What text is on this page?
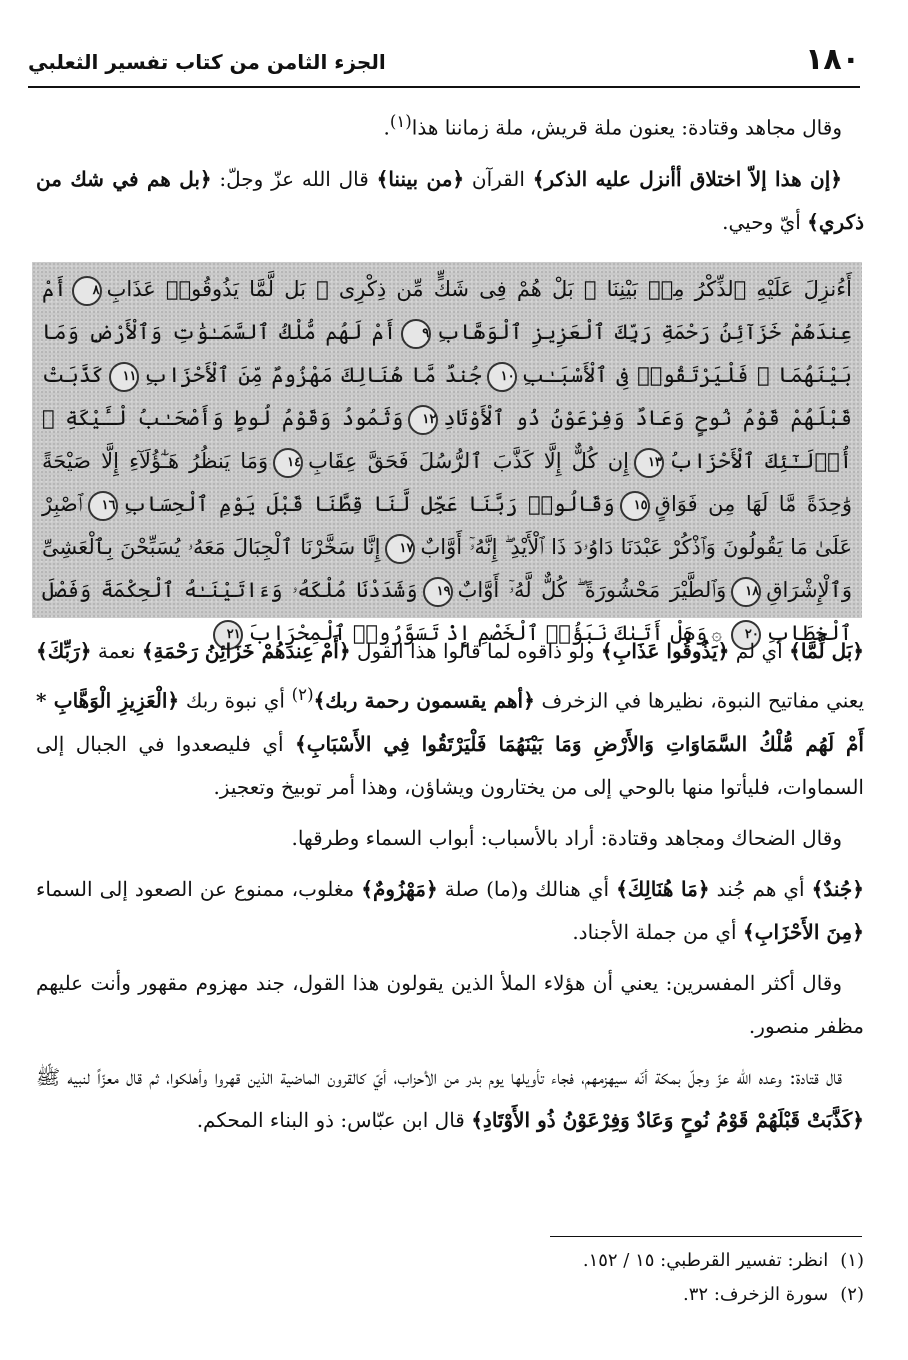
الجزء الثامن من كتاب تفسير الثعلبي	١٨٠

وقال مجاهد وقتادة: يعنون ملة قريش، ملة زماننا هذا$^{(١)}$.

﴿إن هذا إلاّ اختلاق أأنزل عليه الذكر﴾ القرآن ﴿من بيننا﴾ قال الله عزّ وجلّ: ﴿بل هم في شك من ذكري﴾ أيّ وحيي.

أَءُنزِلَ عَلَيْهِ ٱلذِّكْرُ مِنۢ بَيْنِنَا ۚ بَلْ هُمْ فِى شَكٍّ مِّن ذِكْرِى ۖ بَل لَّمَّا يَذُوقُوا۟ عَذَابِ٨أَمْ عِندَهُمْ خَزَآئِنُ رَحْمَةِ رَبِّكَ ٱلْعَزِيزِ ٱلْوَهَّابِ٩أَمْ لَهُم مُّلْكُ ٱلسَّمَـٰوَٰتِ وَٱلْأَرْضِ وَمَا بَيْنَهُمَا ۖ فَلْيَرْتَقُوا۟ فِى ٱلْأَسْبَـٰبِ١٠جُندٌ مَّا هُنَالِكَ مَهْزُومٌ مِّنَ ٱلْأَحْزَابِ١١كَذَّبَتْ قَبْلَهُمْ قَوْمُ نُوحٍ وَعَادٌ وَفِرْعَوْنُ ذُو ٱلْأَوْتَادِ١٢وَثَمُودُ وَقَوْمُ لُوطٍ وَأَصْحَـٰبُ لْـَٔيْكَةِ ۚ أُو۟لَـٰٓئِكَ ٱلْأَحْزَابُ١٣إِن كُلٌّ إِلَّا كَذَّبَ ٱلرُّسُلَ فَحَقَّ عِقَابِ١٤وَمَا يَنظُرُ هَـٰٓؤُلَآءِ إِلَّا صَيْحَةً وَٰحِدَةً مَّا لَهَا مِن فَوَاقٍ١٥وَقَالُوا۟ رَبَّنَا عَجِّل لَّنَا قِطَّنَا قَبْلَ يَوْمِ ٱلْحِسَابِ١٦ٱصْبِرْ عَلَىٰ مَا يَقُولُونَ وَٱذْكُرْ عَبْدَنَا دَاوُۥدَ ذَا ٱلْأَيْدِ ۖ إِنَّهُۥٓ أَوَّابٌ١٧إِنَّا سَخَّرْنَا ٱلْجِبَالَ مَعَهُۥ يُسَبِّحْنَ بِٱلْعَشِىِّ وَٱلْإِشْرَاقِ١٨وَٱلطَّيْرَ مَحْشُورَةً ۖ كُلٌّ لَّهُۥٓ أَوَّابٌ١٩وَشَدَدْنَا مُلْكَهُۥ وَءَاتَيْنَـٰهُ ٱلْحِكْمَةَ وَفَصْلَ ٱلْخِطَابِ٢٠۞وَهَلْ أَتَىٰكَ نَبَؤُا۟ ٱلْخَصْمِ إِذْ تَسَوَّرُوا۟ ٱلْمِحْرَابَ٢١

﴿بَل لَّمَّا﴾ أي لم ﴿يَذُوقُوا عَذَابِ﴾ ولو ذاقوه لما قالوا هذا القول ﴿أَمْ عِندَهُمْ خَزَائِنُ رَحْمَةِ﴾ نعمة ﴿رَبِّكَ﴾ يعني مفاتيح النبوة، نظيرها في الزخرف ﴿أهم يقسمون رحمة ربك﴾$^{(٢)}$ أي نبوة ربك ﴿الْعَزِيزِ الْوَهَّابِ * أَمْ لَهُم مُّلْكُ السَّمَاوَاتِ وَالأَرْضِ وَمَا بَيْنَهُمَا فَلْيَرْتَقُوا فِي الأَسْبَابِ﴾ أي فليصعدوا في الجبال إلى السماوات، فليأتوا منها بالوحي إلى من يختارون ويشاؤن، وهذا أمر توبيخ وتعجيز.

وقال الضحاك ومجاهد وقتادة: أراد بالأسباب: أبواب السماء وطرقها.

﴿جُندٌ﴾ أي هم جُند ﴿مَا هُنَالِكَ﴾ أي هنالك و(ما) صلة ﴿مَهْزُومٌ﴾ مغلوب، ممنوع عن الصعود إلى السماء ﴿مِنَ الأَحْزَابِ﴾ أي من جملة الأجناد.

وقال أكثر المفسرين: يعني أن هؤلاء الملأ الذين يقولون هذا القول، جند مهزوم مقهور وأنت عليهم مظفر منصور.

قال قتادة: وعده الله عزّ وجلّ بمكة أنّه سيهزمهم، فجاء تأويلها يوم بدر من الأحزاب، أيّ كالقرون الماضية الذين قهروا وأهلكوا، ثم قال معزّاً لنبيه ﷺ ﴿كَذَّبَتْ قَبْلَهُمْ قَوْمُ نُوحٍ وَعَادٌ وَفِرْعَوْنُ ذُو الأَوْتَادِ﴾ قال ابن عبّاس: ذو البناء المحكم.

(١)انظر: تفسير القرطبي: ١٥ / ١٥٢.

(٢)سورة الزخرف: ٣٢.
